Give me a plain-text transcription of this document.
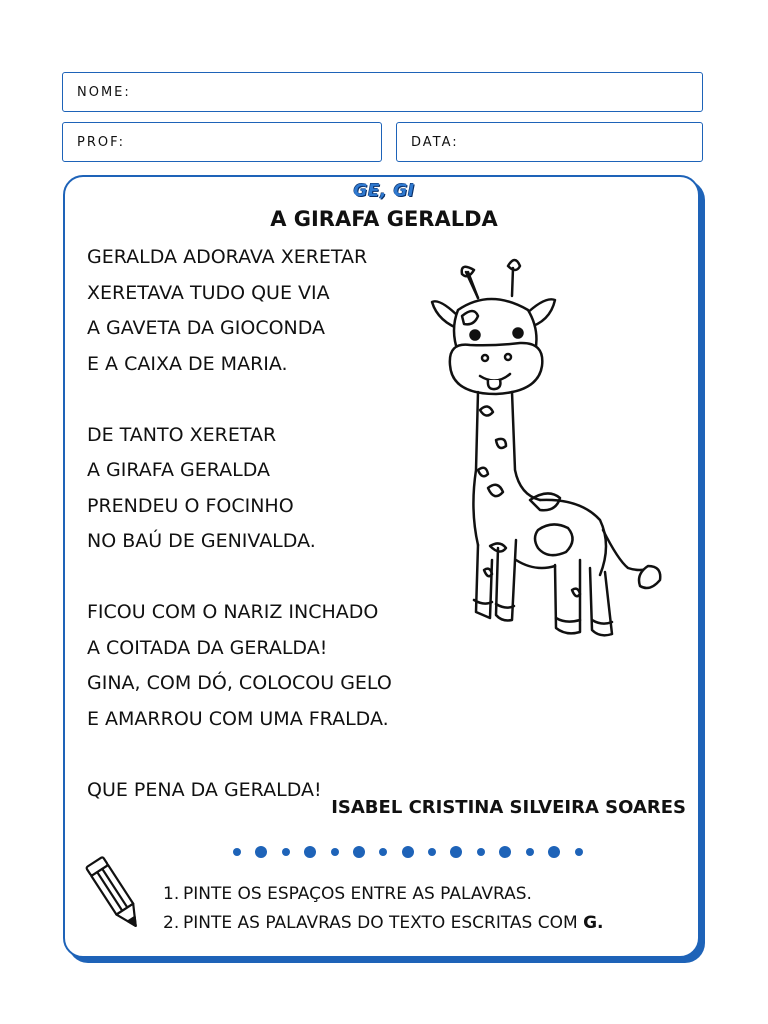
NOME:
PROF:	DATA:
GE, GI
A GIRAFA GERALDA
GERALDA ADORAVA XERETAR
XERETAVA TUDO QUE VIA
A GAVETA DA GIOCONDA
E A CAIXA DE MARIA.
DE TANTO XERETAR
A GIRAFA GERALDA
PRENDEU O FOCINHO
NO BAÚ DE GENIVALDA.
FICOU COM O NARIZ INCHADO
A COITADA DA GERALDA!
GINA, COM DÓ, COLOCOU GELO
E AMARROU COM UMA FRALDA.
QUE PENA DA GERALDA!
ISABEL CRISTINA SILVEIRA SOARES
1. PINTE OS ESPAÇOS ENTRE AS PALAVRAS.
2. PINTE AS PALAVRAS DO TEXTO ESCRITAS COM G.
